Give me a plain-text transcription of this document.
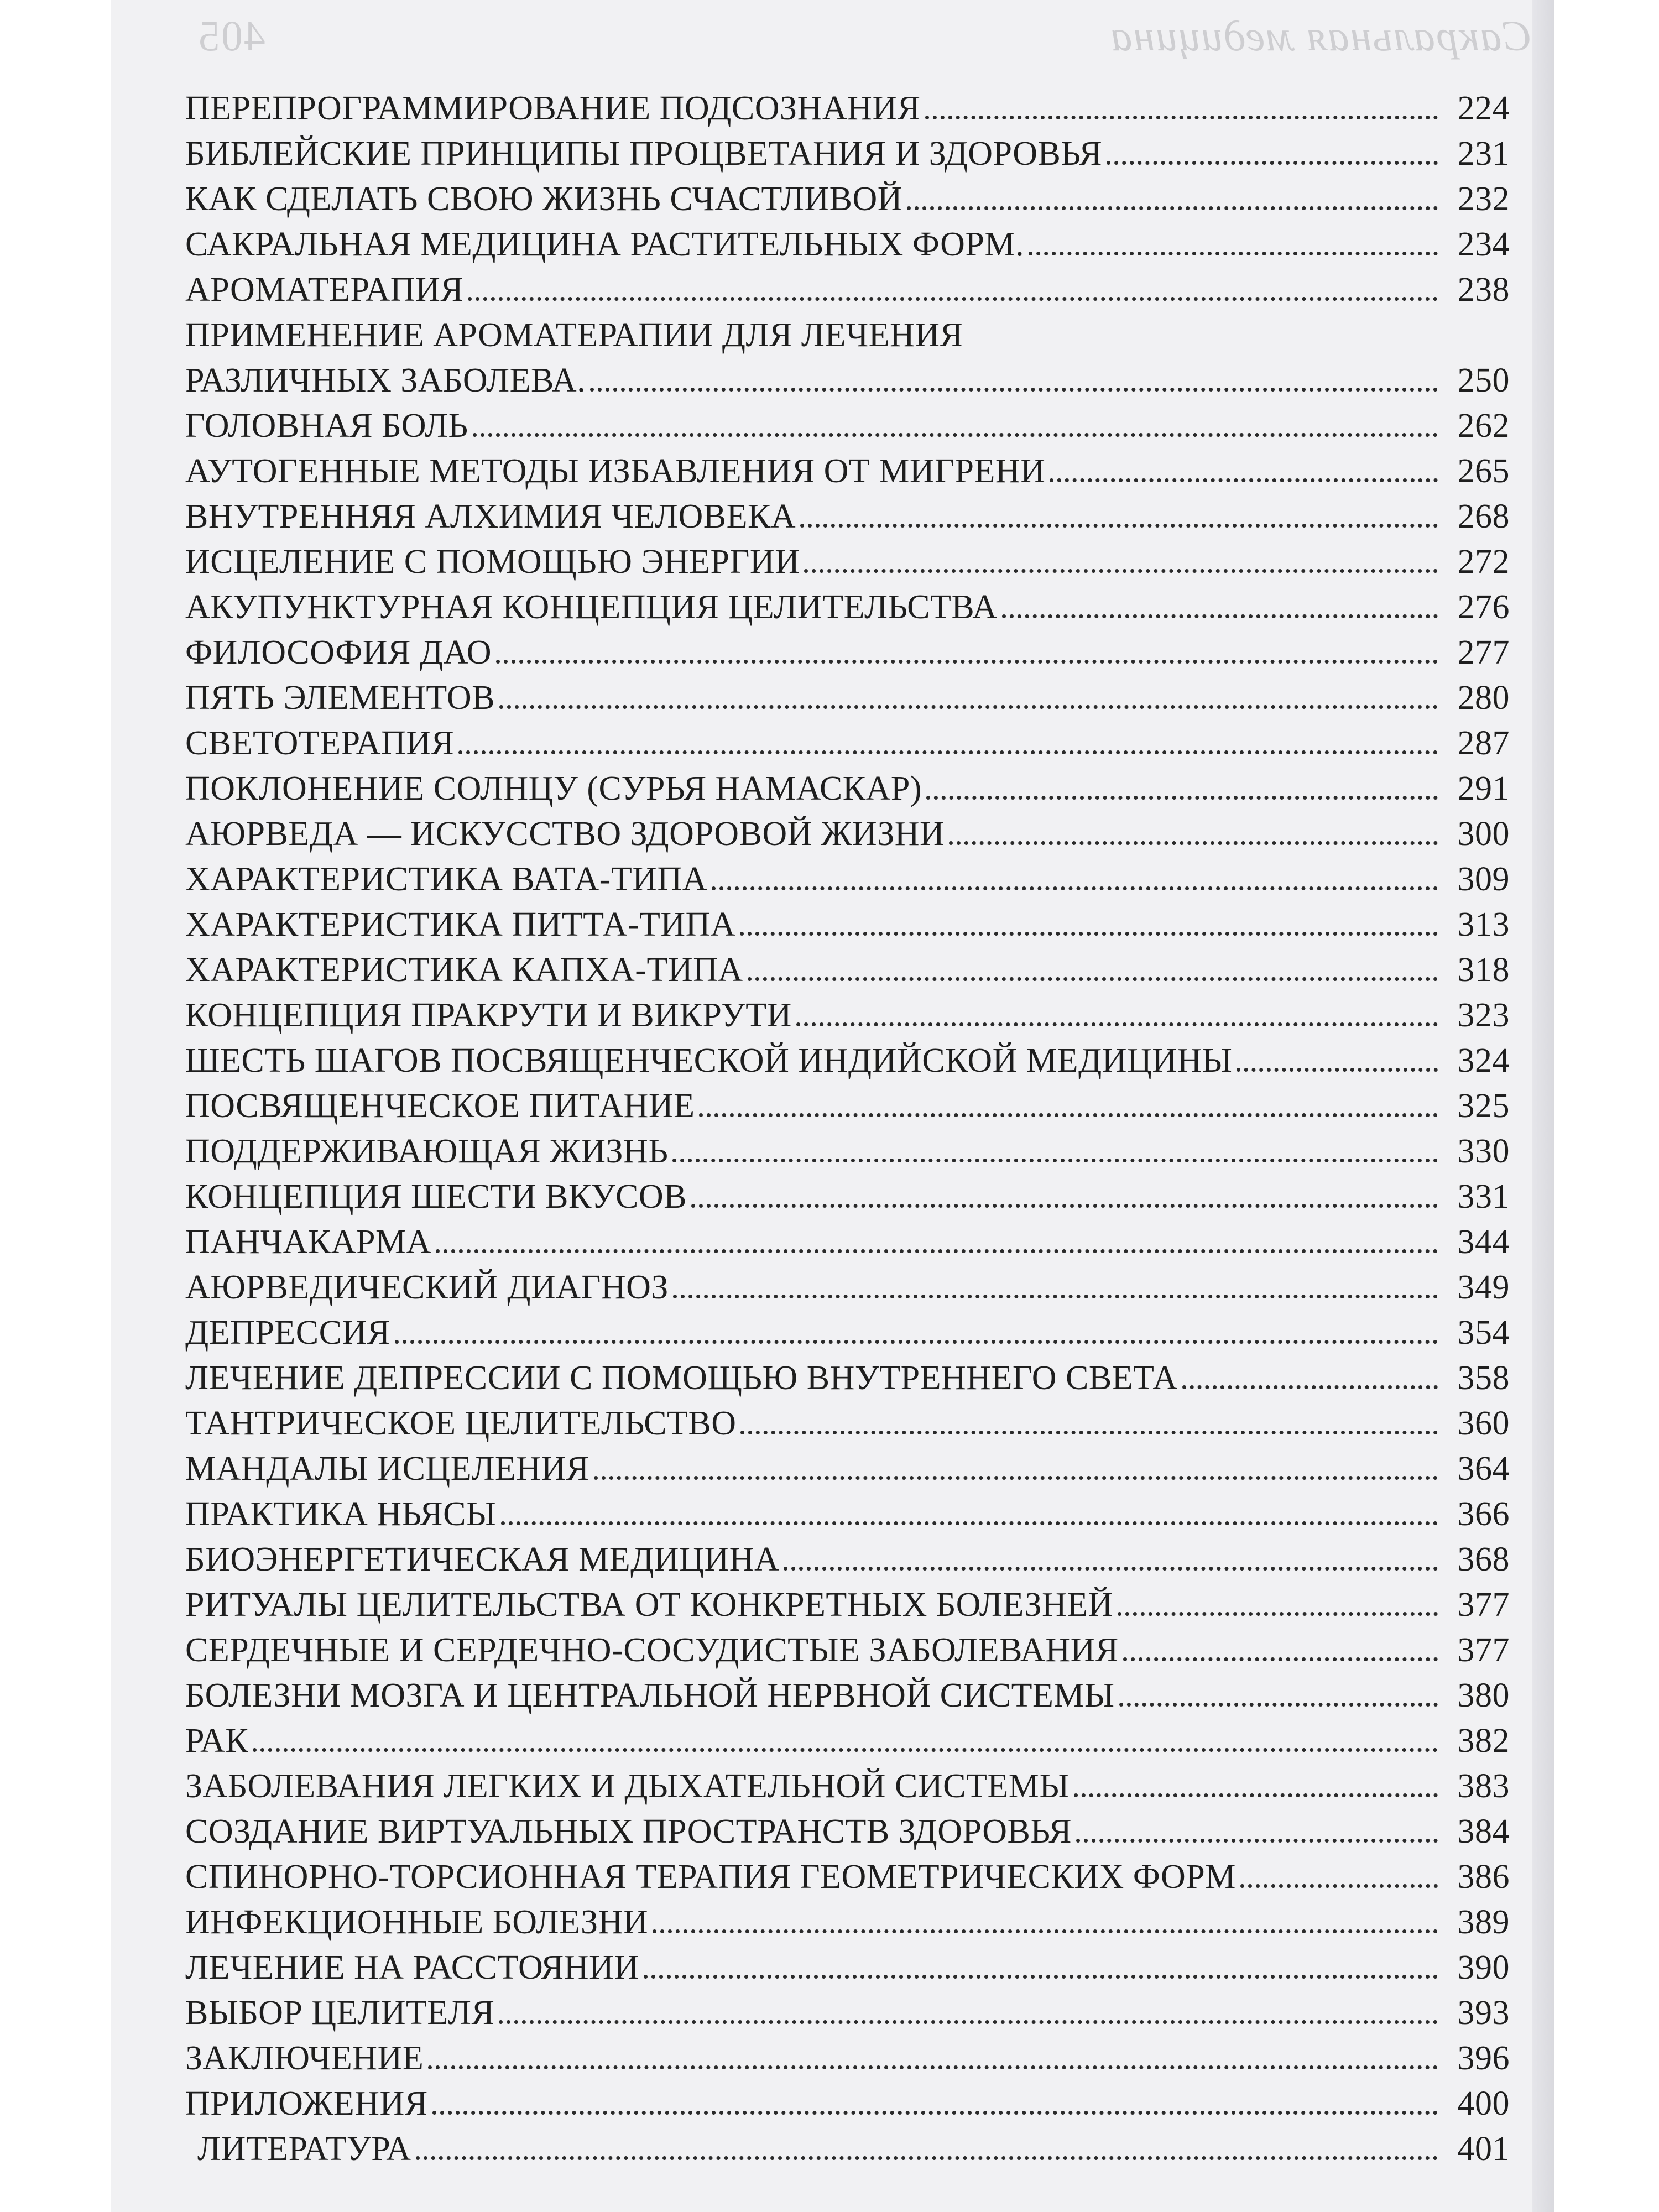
Сакральная медицина
405
ПЕРЕПРОГРАММИРОВАНИЕ ПОДСОЗНАНИЯ	224
БИБЛЕЙСКИЕ ПРИНЦИПЫ ПРОЦВЕТАНИЯ И ЗДОРОВЬЯ	231
КАК СДЕЛАТЬ СВОЮ ЖИЗНЬ СЧАСТЛИВОЙ	232
САКРАЛЬНАЯ МЕДИЦИНА РАСТИТЕЛЬНЫХ ФОРМ.	234
АРОМАТЕРАПИЯ	238
ПРИМЕНЕНИЕ АРОМАТЕРАПИИ ДЛЯ ЛЕЧЕНИЯ
РАЗЛИЧНЫХ ЗАБОЛЕВА.	250
ГОЛОВНАЯ БОЛЬ	262
АУТОГЕННЫЕ МЕТОДЫ ИЗБАВЛЕНИЯ ОТ МИГРЕНИ	265
ВНУТРЕННЯЯ АЛХИМИЯ ЧЕЛОВЕКА	268
ИСЦЕЛЕНИЕ С ПОМОЩЬЮ ЭНЕРГИИ	272
АКУПУНКТУРНАЯ КОНЦЕПЦИЯ ЦЕЛИТЕЛЬСТВА	276
ФИЛОСОФИЯ ДАО	277
ПЯТЬ ЭЛЕМЕНТОВ	280
СВЕТОТЕРАПИЯ	287
ПОКЛОНЕНИЕ СОЛНЦУ (СУРЬЯ НАМАСКАР)	291
АЮРВЕДА — ИСКУССТВО ЗДОРОВОЙ ЖИЗНИ	300
ХАРАКТЕРИСТИКА ВАТА-ТИПА	309
ХАРАКТЕРИСТИКА ПИТТА-ТИПА	313
ХАРАКТЕРИСТИКА КАПХА-ТИПА	318
КОНЦЕПЦИЯ ПРАКРУТИ И ВИКРУТИ	323
ШЕСТЬ ШАГОВ ПОСВЯЩЕНЧЕСКОЙ ИНДИЙСКОЙ МЕДИЦИНЫ	324
ПОСВЯЩЕНЧЕСКОЕ ПИТАНИЕ	325
ПОДДЕРЖИВАЮЩАЯ ЖИЗНЬ	330
КОНЦЕПЦИЯ ШЕСТИ ВКУСОВ	331
ПАНЧАКАРМА	344
АЮРВЕДИЧЕСКИЙ ДИАГНОЗ	349
ДЕПРЕССИЯ	354
ЛЕЧЕНИЕ ДЕПРЕССИИ С ПОМОЩЬЮ ВНУТРЕННЕГО СВЕТА	358
ТАНТРИЧЕСКОЕ ЦЕЛИТЕЛЬСТВО	360
МАНДАЛЫ ИСЦЕЛЕНИЯ	364
ПРАКТИКА НЬЯСЫ	366
БИОЭНЕРГЕТИЧЕСКАЯ МЕДИЦИНА	368
РИТУАЛЫ ЦЕЛИТЕЛЬСТВА ОТ КОНКРЕТНЫХ БОЛЕЗНЕЙ	377
СЕРДЕЧНЫЕ И СЕРДЕЧНО-СОСУДИСТЫЕ ЗАБОЛЕВАНИЯ	377
БОЛЕЗНИ МОЗГА И ЦЕНТРАЛЬНОЙ НЕРВНОЙ СИСТЕМЫ	380
РАК	382
ЗАБОЛЕВАНИЯ ЛЕГКИХ И ДЫХАТЕЛЬНОЙ СИСТЕМЫ	383
СОЗДАНИЕ ВИРТУАЛЬНЫХ ПРОСТРАНСТВ ЗДОРОВЬЯ	384
СПИНОРНО-ТОРСИОННАЯ ТЕРАПИЯ ГЕОМЕТРИЧЕСКИХ ФОРМ	386
ИНФЕКЦИОННЫЕ БОЛЕЗНИ	389
ЛЕЧЕНИЕ НА РАССТОЯНИИ	390
ВЫБОР ЦЕЛИТЕЛЯ	393
ЗАКЛЮЧЕНИЕ	396
ПРИЛОЖЕНИЯ	400
ЛИТЕРАТУРА	401
